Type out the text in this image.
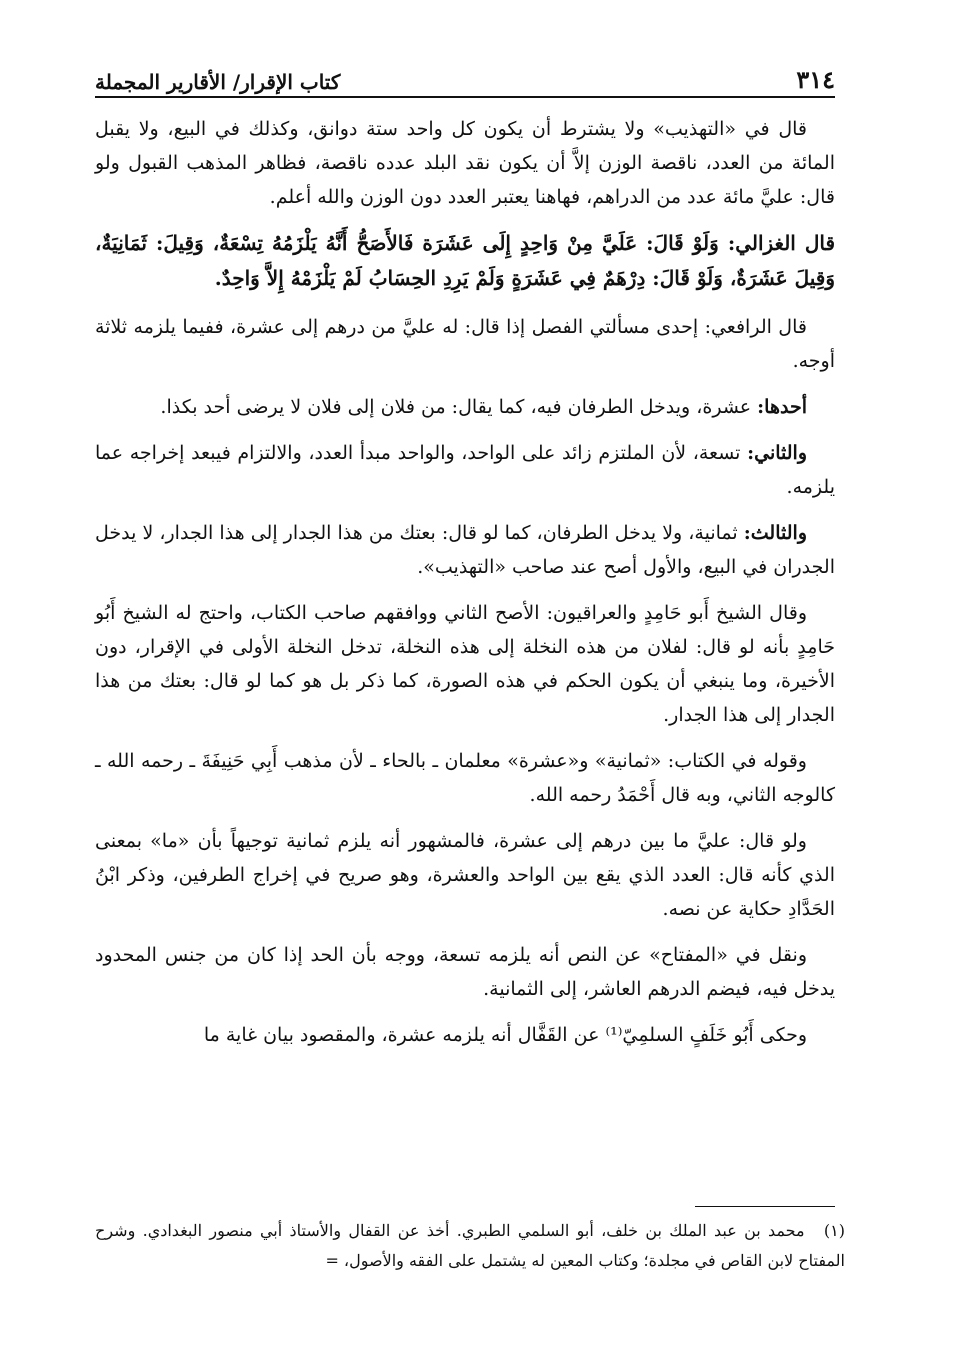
٣١٤
كتاب الإقرار/ الأقارير المجملة

قال في «التهذيب» ولا يشترط أن يكون كل واحد ستة دوانق، وكذلك في البيع، ولا يقبل المائة من العدد، ناقصة الوزن إلاَّ أن يكون نقد البلد عدده ناقصة، فظاهر المذهب القبول ولو قال: عليَّ مائة عدد من الدراهم، فهاهنا يعتبر العدد دون الوزن والله أعلم.

قال الغزالي: وَلَوْ قَالَ: عَلَيَّ مِنْ وَاحِدٍ إِلَى عَشَرَة فَالأَصَحُّ أَنَّهُ يَلْزَمُهُ تِسْعَةٌ، وَقِيلَ: ثَمَانِيَةٌ، وَقِيلَ عَشَرَةٌ، وَلَوْ قَالَ: دِرْهَمٌ فِي عَشَرَةٍ وَلَمْ يَرِدِ الحِسَابُ لَمْ يَلْزَمْهُ إِلاَّ وَاحِدٌ.

قال الرافعي: إحدى مسألتي الفصل إذا قال: له عليَّ من درهم إلى عشرة، ففيما يلزمه ثلاثة أوجه.

أحدها: عشرة، ويدخل الطرفان فيه، كما يقال: من فلان إلى فلان لا يرضى أحد بكذا.

والثاني: تسعة، لأن الملتزم زائد على الواحد، والواحد مبدأ العدد، والالتزام فيبعد إخراجه عما يلزمه.

والثالث: ثمانية، ولا يدخل الطرفان، كما لو قال: بعتك من هذا الجدار إلى هذا الجدار، لا يدخل الجدران في البيع، والأول أصح عند صاحب «التهذيب».

وقال الشيخ أَبو حَامِدٍ والعراقيون: الأصح الثاني ووافقهم صاحب الكتاب، واحتج له الشيخ أَبُو حَامِدٍ بأنه لو قال: لفلان من هذه النخلة إلى هذه النخلة، تدخل النخلة الأولى في الإقرار، دون الأخيرة، وما ينبغي أن يكون الحكم في هذه الصورة، كما ذكر بل هو كما لو قال: بعتك من هذا الجدار إلى هذا الجدار.

وقوله في الكتاب: «ثمانية» و«عشرة» معلمان ـ بالحاء ـ لأن مذهب أَبِي حَنِيفَةَ ـ رحمه الله ـ كالوجه الثاني، وبه قال أَحْمَدُ رحمه الله.

ولو قال: عليَّ ما بين درهم إلى عشرة، فالمشهور أنه يلزم ثمانية توجيهاً بأن «ما» بمعنى الذي كأنه قال: العدد الذي يقع بين الواحد والعشرة، وهو صريح في إخراج الطرفين، وذكر ابْنُ الحَدَّادِ حكاية عن نصه.

ونقل في «المفتاح» عن النص أنه يلزمه تسعة، ووجه بأن الحد إذا كان من جنس المحدود يدخل فيه، فيضم الدرهم العاشر، إلى الثمانية.

وحكى أَبُو خَلَفٍ السلمِيّ⁽¹⁾ عن القَفَّال أنه يلزمه عشرة، والمقصود بيان غاية ما

(١) محمد بن عبد الملك بن خلف، أبو السلمي الطبري. أخذ عن القفال والأستاذ أبي منصور البغدادي. وشرح المفتاح لابن القاص في مجلدة؛ وكتاب المعين له يشتمل على الفقه والأصول، =
